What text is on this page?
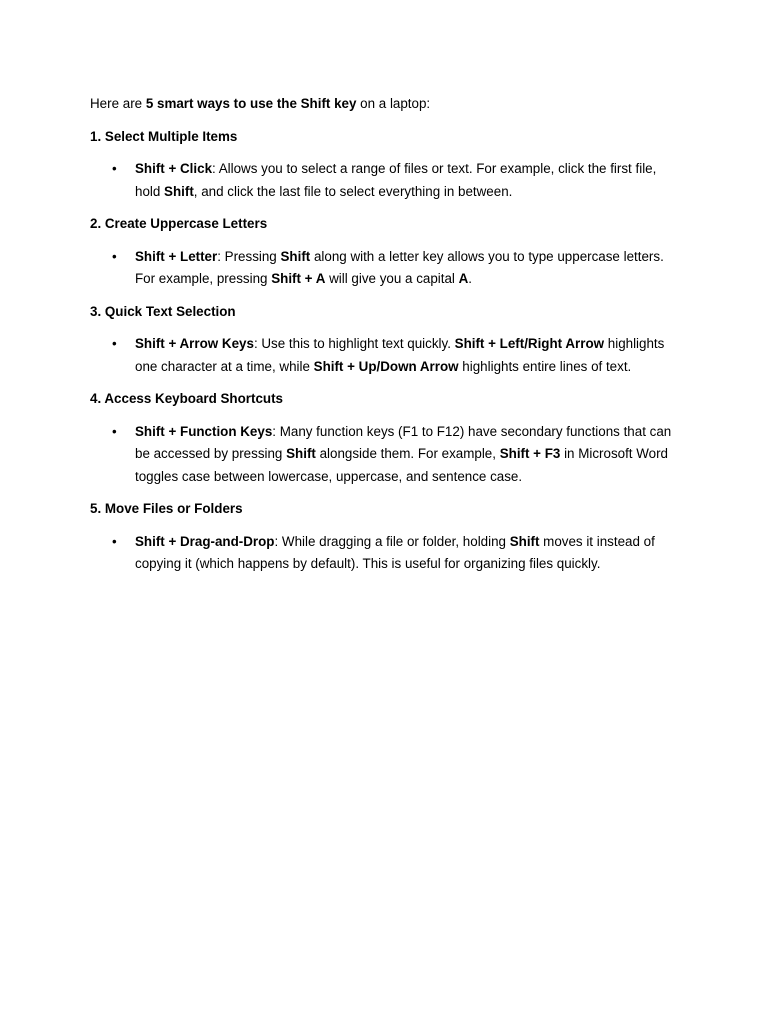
Here are 5 smart ways to use the Shift key on a laptop:

1. Select Multiple Items

• Shift + Click: Allows you to select a range of files or text. For example, click the first file,
hold Shift, and click the last file to select everything in between.

2. Create Uppercase Letters

• Shift + Letter: Pressing Shift along with a letter key allows you to type uppercase letters.
For example, pressing Shift + A will give you a capital A.

3. Quick Text Selection

• Shift + Arrow Keys: Use this to highlight text quickly. Shift + Left/Right Arrow highlights
one character at a time, while Shift + Up/Down Arrow highlights entire lines of text.

4. Access Keyboard Shortcuts

• Shift + Function Keys: Many function keys (F1 to F12) have secondary functions that can
be accessed by pressing Shift alongside them. For example, Shift + F3 in Microsoft Word
toggles case between lowercase, uppercase, and sentence case.

5. Move Files or Folders

• Shift + Drag-and-Drop: While dragging a file or folder, holding Shift moves it instead of
copying it (which happens by default). This is useful for organizing files quickly.
